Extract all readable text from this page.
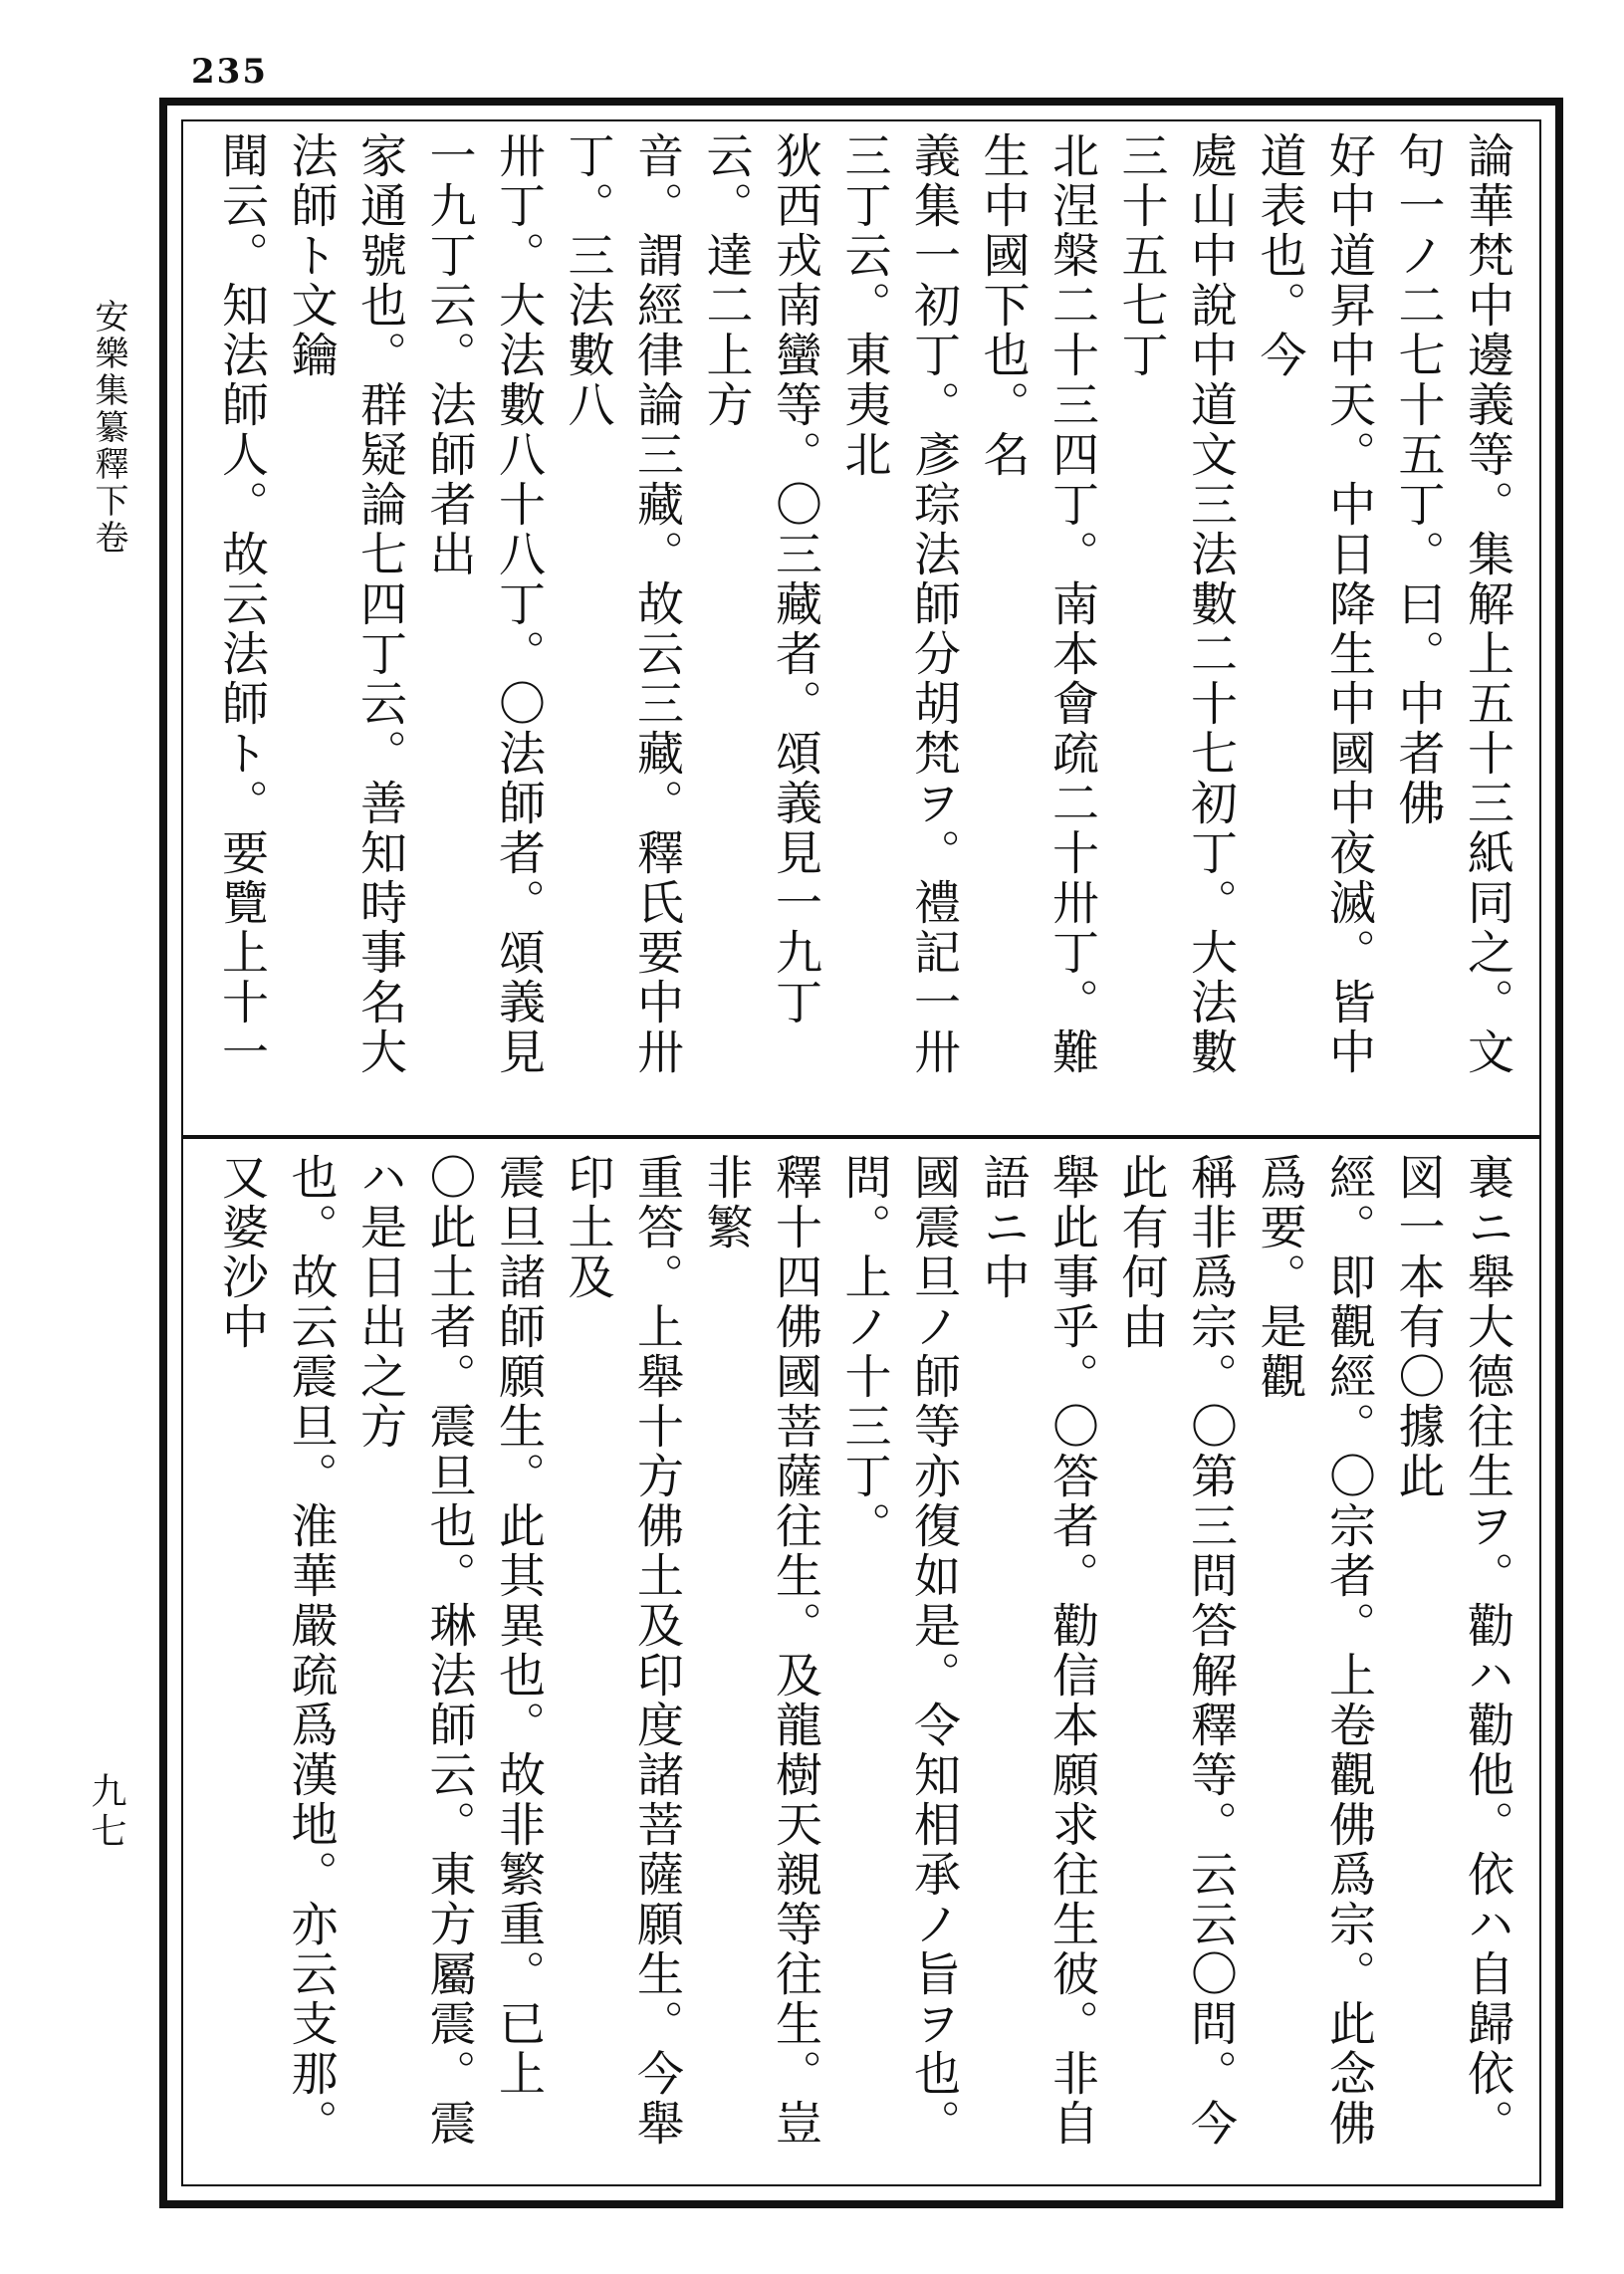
235
安樂集纂釋下卷
九七
論華梵中邊義等。集解上五十三紙同之。文句一ノ二七十五丁。曰。中者佛
好中道昇中天。中日降生中國中夜滅。皆中道表也。今
處山中說中道文三法數二十七初丁。大法數三十五七丁
北涅槃二十三四丁。南本會疏二十卅丁。難生中國下也。名
義集一初丁。彥琮法師分胡梵ヲ。禮記一卅三丁云。東夷北
狄西戎南蠻等。〇三藏者。頌義見一九丁云。達二上方
音。謂經律論三藏。故云三藏。釋氏要中卅丁。三法數八
卅丁。大法數八十八丁。〇法師者。頌義見一九丁云。法師者出
家通號也。群疑論七四丁云。善知時事名大法師ト文鑰
聞云。知法師人。故云法師ト。要覽上十一

裏ニ舉大德往生ヲ。勸ハ勸他。依ハ自歸依。図一本有〇據此
經。即觀經。〇宗者。上卷觀佛爲宗。此念佛爲要。是觀
稱非爲宗。〇第三問答解釋等。云云〇問。今此有何由
舉此事乎。〇答者。勸信本願求往生彼。非自語ニ中
國震旦ノ師等亦復如是。令知相承ノ旨ヲ也。問。上ノ十三丁。
釋十四佛國菩薩往生。及龍樹天親等往生。豈非繁
重答。上舉十方佛土及印度諸菩薩願生。今舉印土及
震旦諸師願生。此其異也。故非繁重。已上
〇此土者。震旦也。琳法師云。東方屬震。震ハ是日出之方
也。故云震旦。淮華嚴疏爲漢地。亦云支那。又婆沙中
